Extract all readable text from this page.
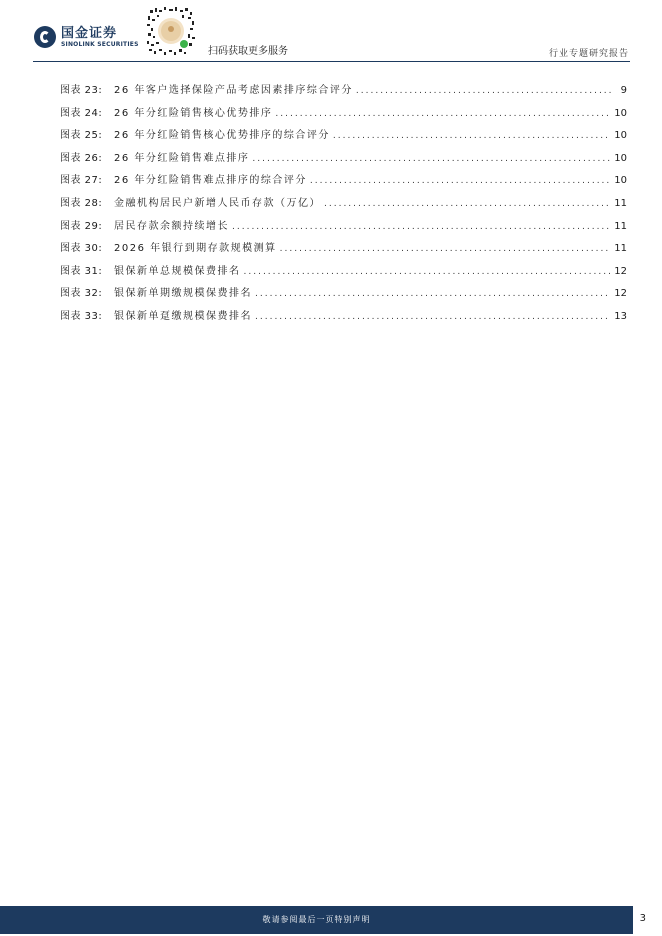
国金证券
SINOLINK SECURITIES
扫码获取更多服务	行业专题研究报告
图表 23:	26 年客户选择保险产品考虑因素排序综合评分 .....	9
图表 24:	26 年分红险销售核心优势排序 .....	10
图表 25:	26 年分红险销售核心优势排序的综合评分 .....	10
图表 26:	26 年分红险销售难点排序 .....	10
图表 27:	26 年分红险销售难点排序的综合评分 .....	10
图表 28:	金融机构居民户新增人民币存款（万亿） .....	11
图表 29:	居民存款余额持续增长 .....	11
图表 30:	2026 年银行到期存款规模测算 .....	11
图表 31:	银保新单总规模保费排名 .....	12
图表 32:	银保新单期缴规模保费排名 .....	12
图表 33:	银保新单趸缴规模保费排名 .....	13
敬请参阅最后一页特别声明	3
